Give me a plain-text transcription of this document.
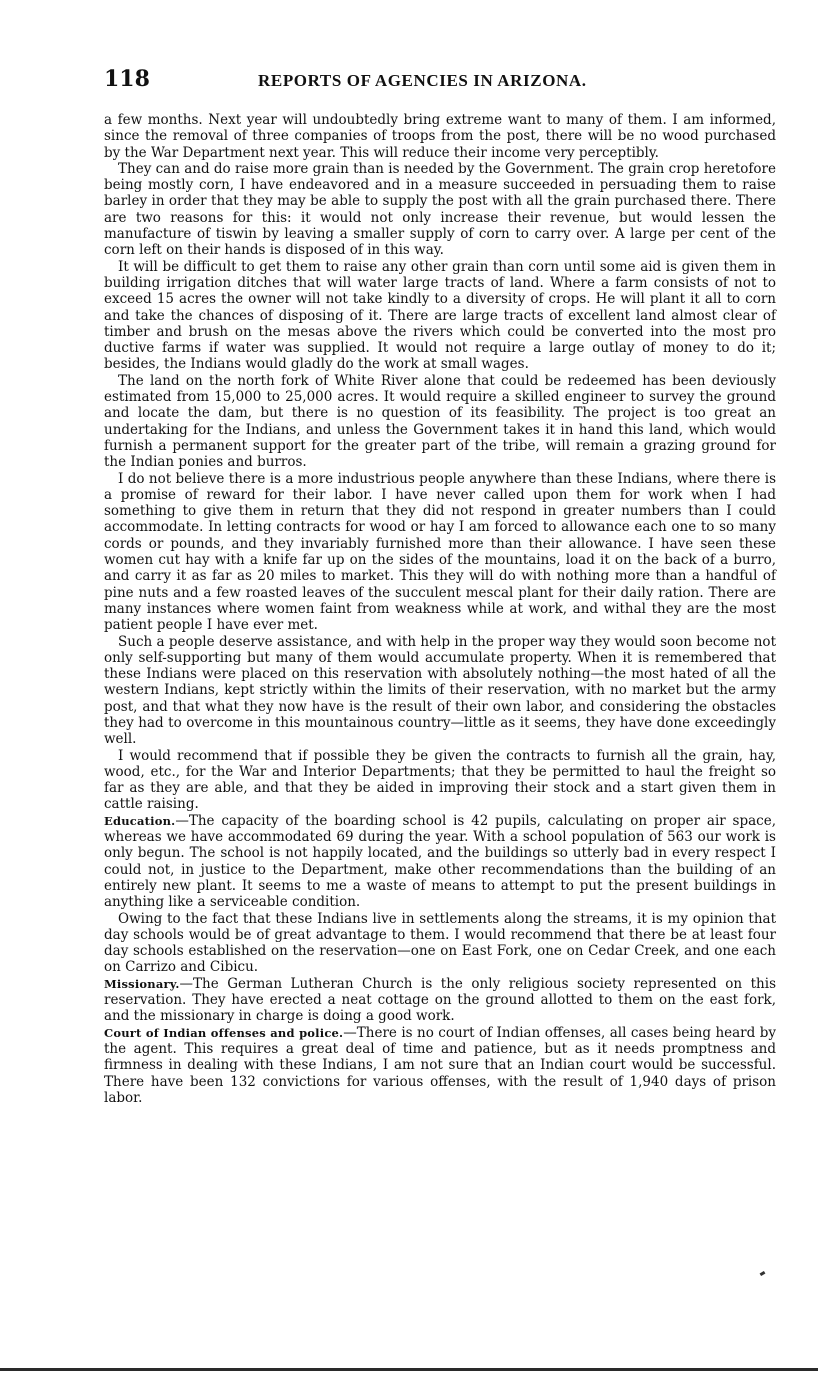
118	REPORTS OF AGENCIES IN ARIZONA.

a few months. Next year will undoubtedly bring extreme want to many of them. I am informed, since the removal of three companies of troops from the post, there will be no wood purchased by the War Department next year. This will reduce their income very perceptibly.

They can and do raise more grain than is needed by the Government. The grain crop heretofore being mostly corn, I have endeavored and in a measure succeeded in persuading them to raise barley in order that they may be able to supply the post with all the grain purchased there. There are two reasons for this: it would not only increase their revenue, but would lessen the manufacture of tiswin by leaving a smaller supply of corn to carry over. A large per cent of the corn left on their hands is disposed of in this way.

It will be difficult to get them to raise any other grain than corn until some aid is given them in building irrigation ditches that will water large tracts of land. Where a farm consists of not to exceed 15 acres the owner will not take kindly to a diversity of crops. He will plant it all to corn and take the chances of disposing of it. There are large tracts of excellent land almost clear of timber and brush on the mesas above the rivers which could be converted into the most pro ductive farms if water was supplied. It would not require a large outlay of money to do it; besides, the Indians would gladly do the work at small wages.

The land on the north fork of White River alone that could be redeemed has been deviously estimated from 15,000 to 25,000 acres. It would require a skilled engineer to survey the ground and locate the dam, but there is no question of its feasibility. The project is too great an undertaking for the Indians, and unless the Government takes it in hand this land, which would furnish a permanent support for the greater part of the tribe, will remain a grazing ground for the Indian ponies and burros.

I do not believe there is a more industrious people anywhere than these Indians, where there is a promise of reward for their labor. I have never called upon them for work when I had something to give them in return that they did not respond in greater numbers than I could accommodate. In letting contracts for wood or hay I am forced to allowance each one to so many cords or pounds, and they invariably furnished more than their allowance. I have seen these women cut hay with a knife far up on the sides of the mountains, load it on the back of a burro, and carry it as far as 20 miles to market. This they will do with nothing more than a handful of pine nuts and a few roasted leaves of the succulent mescal plant for their daily ration. There are many instances where women faint from weakness while at work, and withal they are the most patient people I have ever met.

Such a people deserve assistance, and with help in the proper way they would soon become not only self-supporting but many of them would accumulate property. When it is remembered that these Indians were placed on this reservation with absolutely nothing—the most hated of all the western Indians, kept strictly within the limits of their reservation, with no market but the army post, and that what they now have is the result of their own labor, and considering the obstacles they had to overcome in this mountainous country—little as it seems, they have done exceedingly well.

I would recommend that if possible they be given the contracts to furnish all the grain, hay, wood, etc., for the War and Interior Departments; that they be permitted to haul the freight so far as they are able, and that they be aided in improving their stock and a start given them in cattle raising.

Education.—The capacity of the boarding school is 42 pupils, calculating on proper air space, whereas we have accommodated 69 during the year. With a school population of 563 our work is only begun. The school is not happily located, and the buildings so utterly bad in every respect I could not, in justice to the Department, make other recommendations than the building of an entirely new plant. It seems to me a waste of means to attempt to put the present buildings in anything like a serviceable condition.

Owing to the fact that these Indians live in settlements along the streams, it is my opinion that day schools would be of great advantage to them. I would recommend that there be at least four day schools established on the reservation—one on East Fork, one on Cedar Creek, and one each on Carrizo and Cibicu.

Missionary.—The German Lutheran Church is the only religious society represented on this reservation. They have erected a neat cottage on the ground allotted to them on the east fork, and the missionary in charge is doing a good work.

Court of Indian offenses and police.—There is no court of Indian offenses, all cases being heard by the agent. This requires a great deal of time and patience, but as it needs promptness and firmness in dealing with these Indians, I am not sure that an Indian court would be successful. There have been 132 convictions for various offenses, with the result of 1,940 days of prison labor.
